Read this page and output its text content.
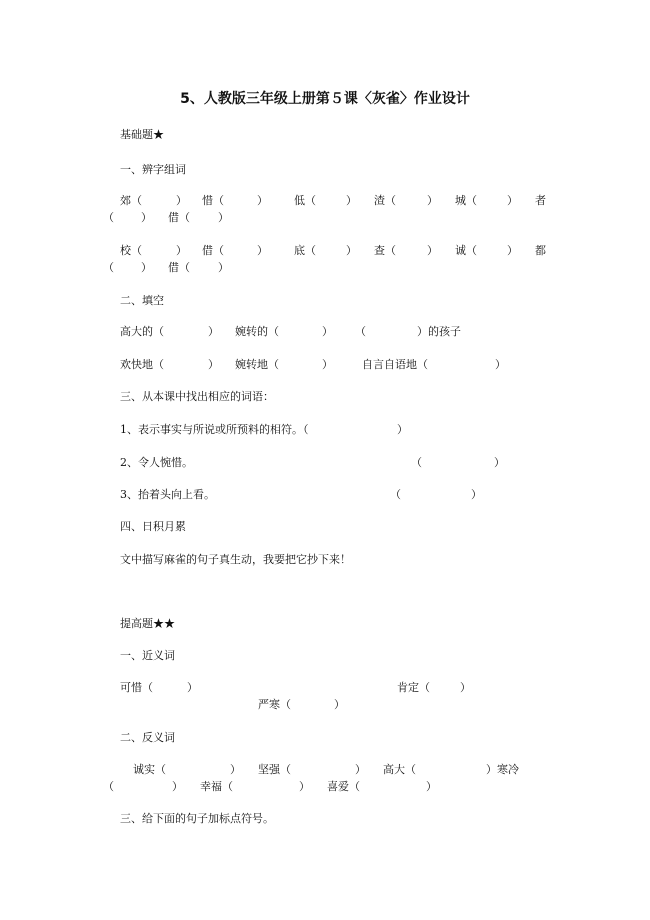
5、人教版三年级上册第５课〈灰雀〉作业设计
基础题★
一、辨字组词
郊（	） 惜（	） 低（	） 渣（	） 城（	） 者
（ ） 借（	）
校（	） 借（	） 底（	） 查（	） 诚（	） 都
（ ） 借（	）
二、填空
高大的（	） 婉转的（	） （	）的孩子
欢快地（	） 婉转地（	）	自言自语地（	）
三、从本课中找出相应的词语：
1、表示事实与所说或所预料的相符。（	）
2、令人惋惜。	（	）
3、抬着头向上看。	（	）
四、日积月累
文中描写麻雀的句子真生动，我要把它抄下来！
提高题★★
一、近义词
可惜（	）	肯定（	）
严寒（	）
二、反义词
诚实（	） 坚强（	） 高大（	）寒冷
（	） 幸福（	） 喜爱（	）
三、给下面的句子加标点符号。
